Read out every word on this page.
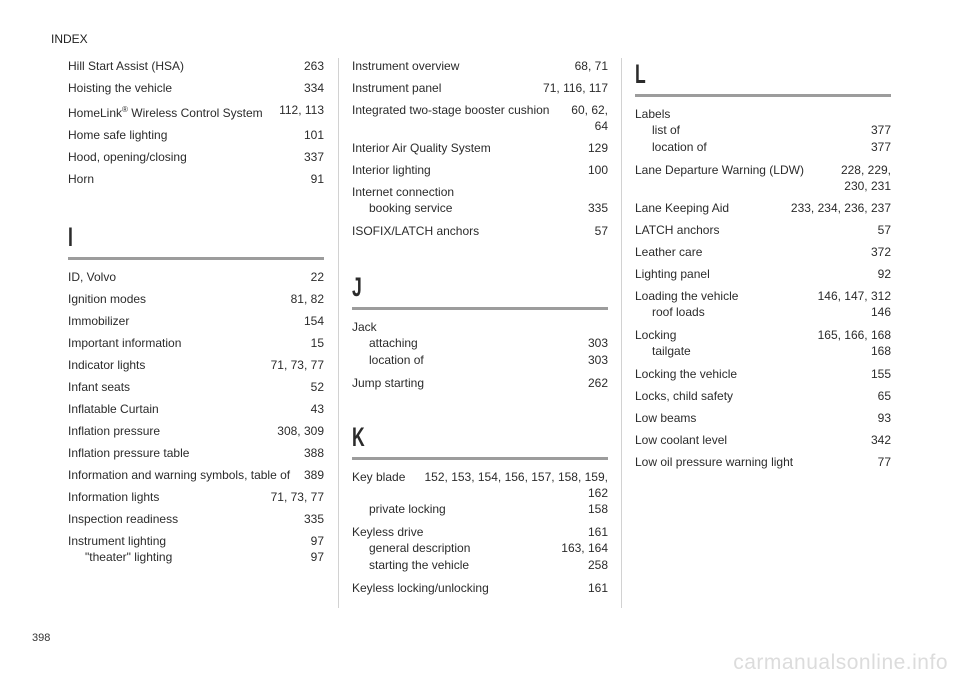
INDEX
Hill Start Assist (HSA)	263
Hoisting the vehicle	334
HomeLink® Wireless Control System 112, 113
Home safe lighting	101
Hood, opening/closing	337
Horn	91
I
ID, Volvo	22
Ignition modes	81, 82
Immobilizer	154
Important information	15
Indicator lights	71, 73, 77
Infant seats	52
Inflatable Curtain	43
Inflation pressure	308, 309
Inflation pressure table	388
Information and warning symbols, table of 389
Information lights	71, 73, 77
Inspection readiness	335
Instrument lighting	97
"theater" lighting	97
Instrument overview	68, 71
Instrument panel	71, 116, 117
Integrated two-stage booster cushion	60, 62, 64
Interior Air Quality System	129
Interior lighting	100
Internet connection
booking service	335
ISOFIX/LATCH anchors	57
J
Jack
attaching	303
location of	303
Jump starting	262
K
Key blade	152, 153, 154, 156, 157, 158, 159, 162
private locking	158
Keyless drive	161
general description	163, 164
starting the vehicle	258
Keyless locking/unlocking	161
L
Labels
list of	377
location of	377
Lane Departure Warning (LDW)	228, 229, 230, 231
Lane Keeping Aid	233, 234, 236, 237
LATCH anchors	57
Leather care	372
Lighting panel	92
Loading the vehicle	146, 147, 312
roof loads	146
Locking	165, 166, 168
tailgate	168
Locking the vehicle	155
Locks, child safety	65
Low beams	93
Low coolant level	342
Low oil pressure warning light	77
398
carmanualsonline.info
